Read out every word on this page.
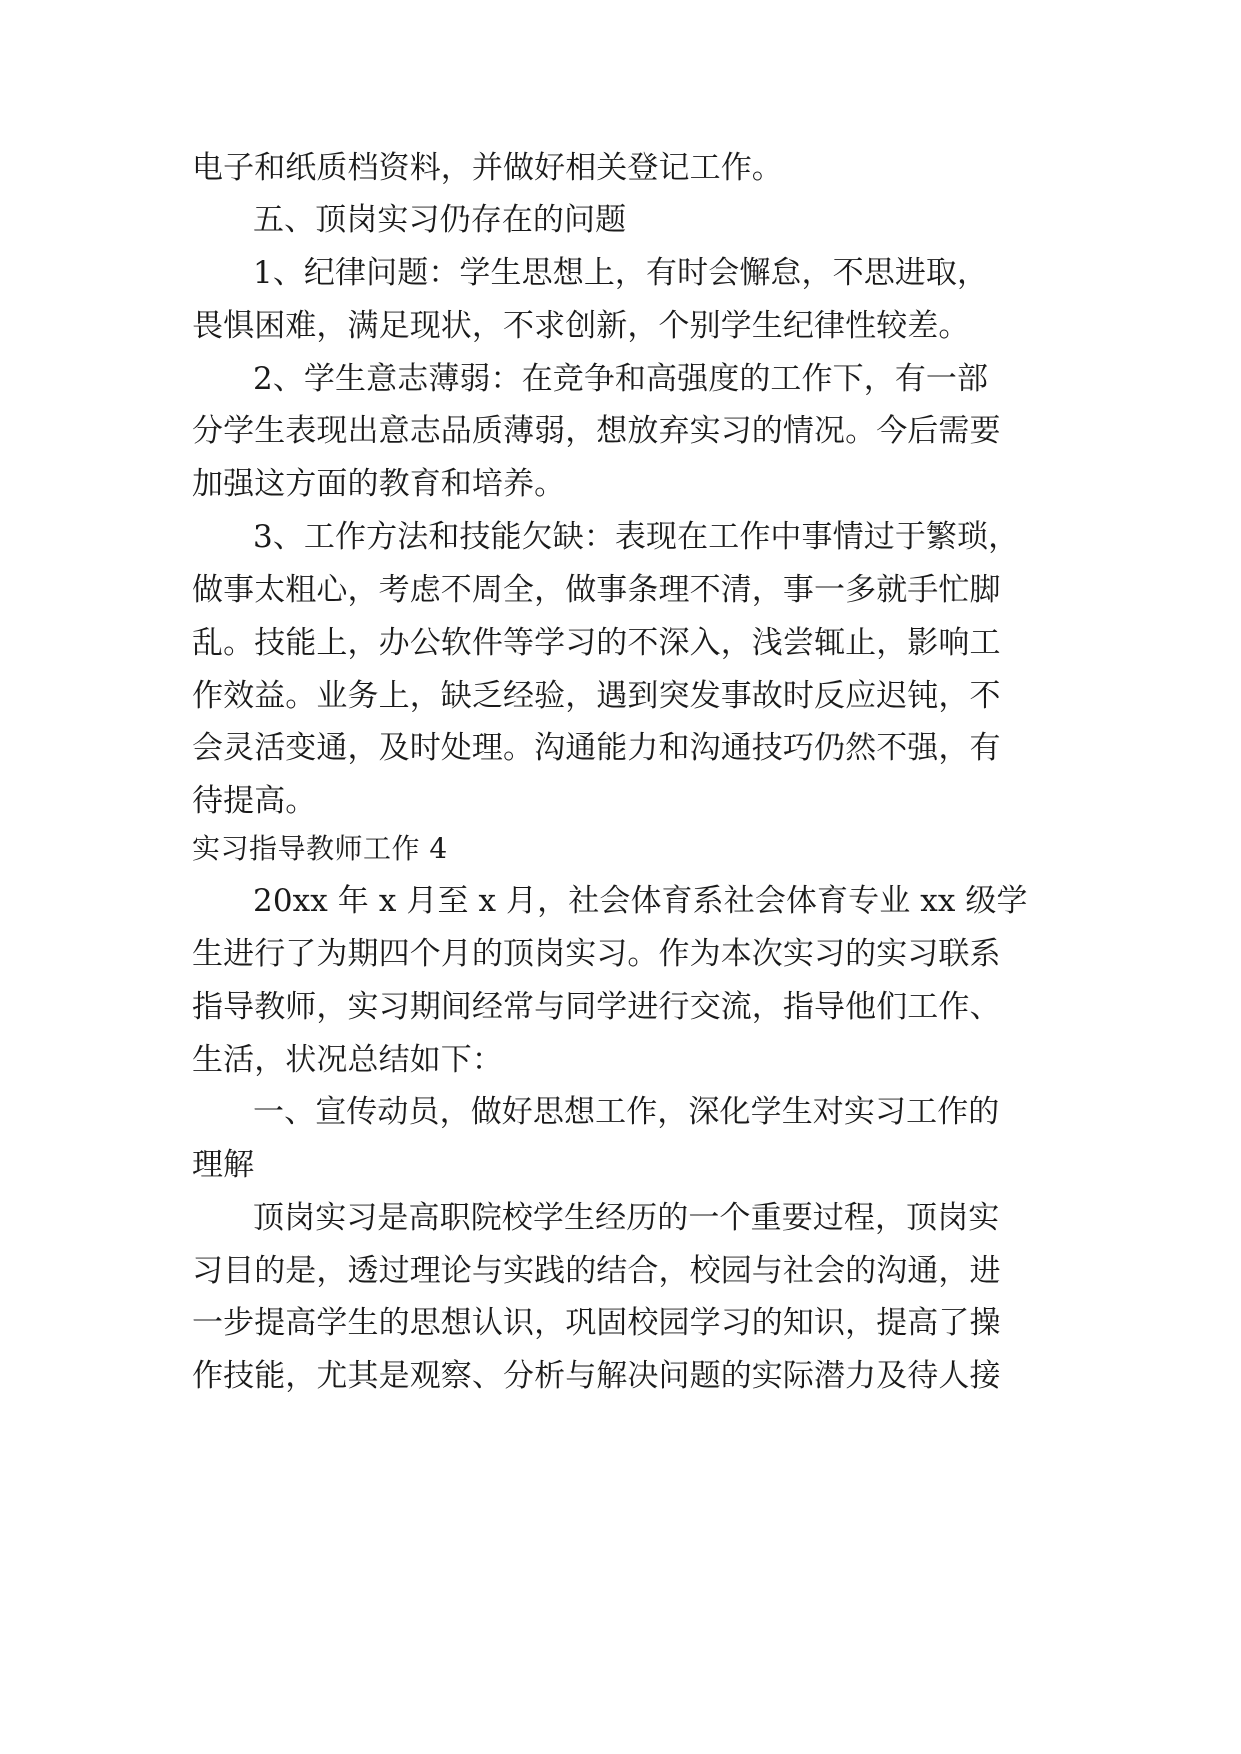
电子和纸质档资料，并做好相关登记工作。
五、顶岗实习仍存在的问题
1、纪律问题：学生思想上，有时会懈怠，不思进取，
畏惧困难，满足现状，不求创新，个别学生纪律性较差。
2、学生意志薄弱：在竞争和高强度的工作下，有一部
分学生表现出意志品质薄弱，想放弃实习的情况。今后需要
加强这方面的教育和培养。
3、工作方法和技能欠缺：表现在工作中事情过于繁琐，
做事太粗心，考虑不周全，做事条理不清，事一多就手忙脚
乱。技能上，办公软件等学习的不深入，浅尝辄止，影响工
作效益。业务上，缺乏经验，遇到突发事故时反应迟钝，不
会灵活变通，及时处理。沟通能力和沟通技巧仍然不强，有
待提高。
实习指导教师工作 4
20xx 年 x 月至 x 月，社会体育系社会体育专业 xx 级学
生进行了为期四个月的顶岗实习。作为本次实习的实习联系
指导教师，实习期间经常与同学进行交流，指导他们工作、
生活，状况总结如下：
一、宣传动员，做好思想工作，深化学生对实习工作的
理解
顶岗实习是高职院校学生经历的一个重要过程，顶岗实
习目的是，透过理论与实践的结合，校园与社会的沟通，进
一步提高学生的思想认识，巩固校园学习的知识，提高了操
作技能，尤其是观察、分析与解决问题的实际潜力及待人接
